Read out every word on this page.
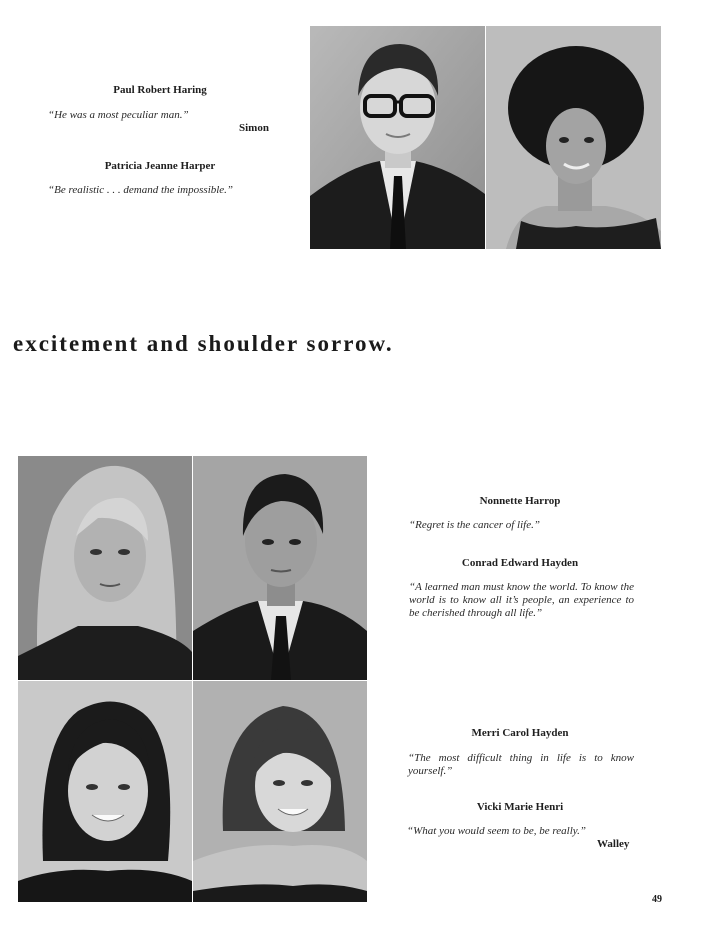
Paul Robert Haring
“He was a most peculiar man.”
Simon
Patricia Jeanne Harper
“Be realistic . . . demand the impossible.”
excitement and shoulder sorrow.
Nonnette Harrop
“Regret is the cancer of life.”
Conrad Edward Hayden
“A learned man must know the world. To know the world is to know all it’s people, an experience to be cherished through all life.”
Merri Carol Hayden
“The most difficult thing in life is to know yourself.”
Vicki Marie Henri
“What you would seem to be, be really.”
Walley
49
